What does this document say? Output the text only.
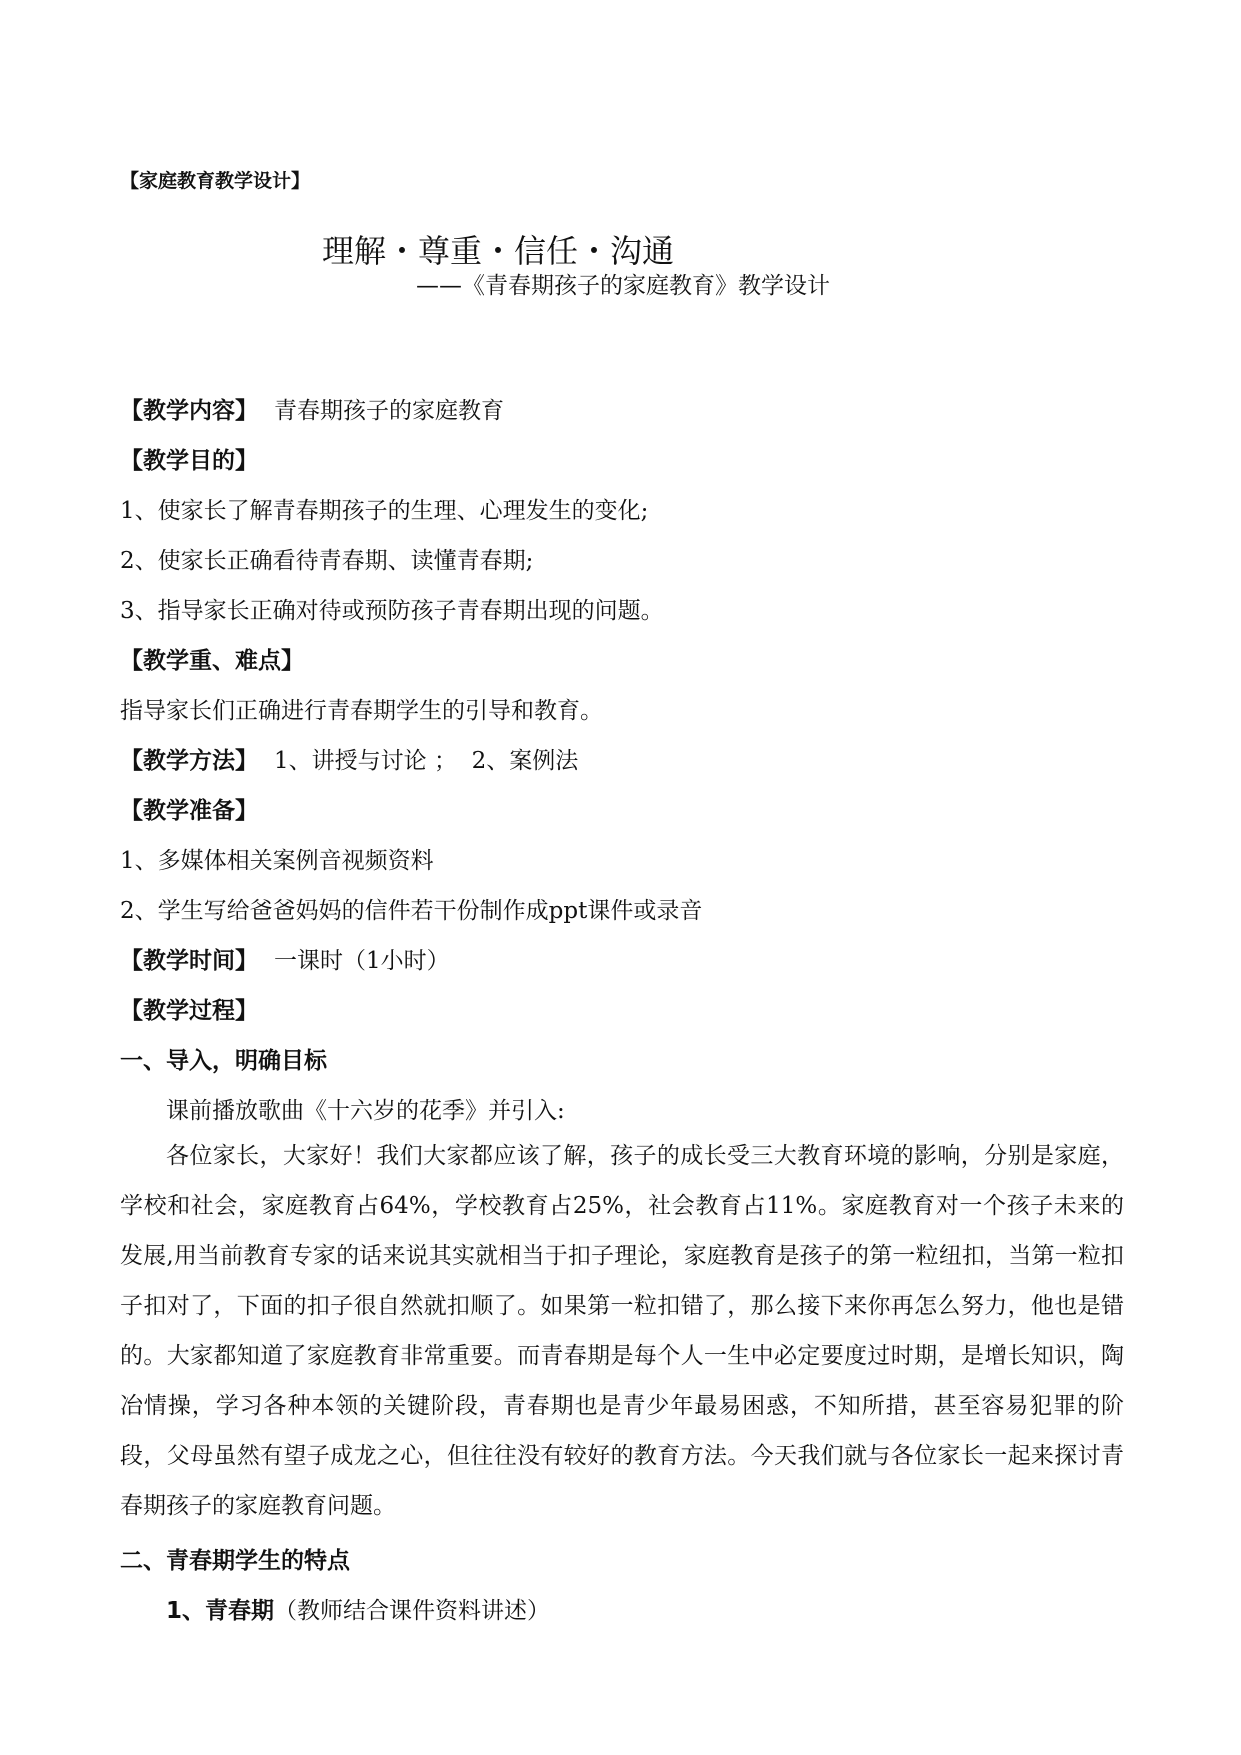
【家庭教育教学设计】
理解・尊重・信任・沟通
——《青春期孩子的家庭教育》教学设计
【教学内容】 青春期孩子的家庭教育
【教学目的】
1、使家长了解青春期孩子的生理、心理发生的变化;
2、使家长正确看待青春期、读懂青春期;
3、指导家长正确对待或预防孩子青春期出现的问题。
【教学重、难点】
指导家长们正确进行青春期学生的引导和教育。
【教学方法】 1、讲授与讨论 ；  2、案例法
【教学准备】
1、多媒体相关案例音视频资料
2、学生写给爸爸妈妈的信件若干份制作成ppt课件或录音
【教学时间】 一课时（1小时）
【教学过程】
一、导入，明确目标
课前播放歌曲《十六岁的花季》并引入:
各位家长，大家好！我们大家都应该了解，孩子的成长受三大教育环境的影响，分别是家庭，学校和社会，家庭教育占64%，学校教育占25%，社会教育占11%。家庭教育对一个孩子未来的发展,用当前教育专家的话来说其实就相当于扣子理论，家庭教育是孩子的第一粒纽扣，当第一粒扣子扣对了，下面的扣子很自然就扣顺了。如果第一粒扣错了，那么接下来你再怎么努力，他也是错的。大家都知道了家庭教育非常重要。而青春期是每个人一生中必定要度过时期，是增长知识，陶冶情操，学习各种本领的关键阶段，青春期也是青少年最易困惑，不知所措，甚至容易犯罪的阶段，父母虽然有望子成龙之心，但往往没有较好的教育方法。今天我们就与各位家长一起来探讨青春期孩子的家庭教育问题。
二、青春期学生的特点
1、青春期（教师结合课件资料讲述）
